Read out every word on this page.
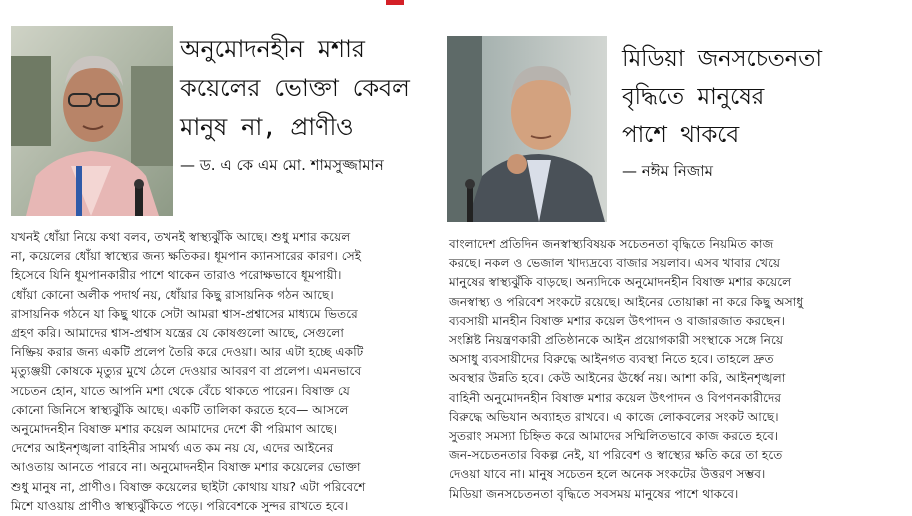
অনুমোদনহীন মশার
কয়েলের ভোক্তা কেবল
মানুষ না, প্রাণীও
— ড. এ কে এম মো. শামসুজ্জামান
যখনই ধোঁয়া নিয়ে কথা বলব, তখনই স্বাস্থ্যঝুঁকি আছে। শুধু মশার কয়েল
না, কয়েলের ধোঁয়া স্বাস্থ্যের জন্য ক্ষতিকর। ধূমপান ক্যানসারের কারণ। সেই
হিসেবে যিনি ধূমপানকারীর পাশে থাকেন তারাও পরোক্ষভাবে ধূমপায়ী।
ধোঁয়া কোনো অলীক পদার্থ নয়, ধোঁয়ার কিছু রাসায়নিক গঠন আছে।
রাসায়নিক গঠনে যা কিছু থাকে সেটা আমরা শ্বাস-প্রশ্বাসের মাধ্যমে ভিতরে
গ্রহণ করি। আমাদের শ্বাস-প্রশ্বাস যন্ত্রের যে কোষগুলো আছে, সেগুলো
নিষ্ক্রিয় করার জন্য একটি প্রলেপ তৈরি করে দেওয়া। আর এটা হচ্ছে একটি
মৃত্যুঞ্জয়ী কোষকে মৃত্যুর মুখে ঠেলে দেওয়ার আবরণ বা প্রলেপ। এমনভাবে
সচেতন হোন, যাতে আপনি মশা থেকে বেঁচে থাকতে পারেন। বিষাক্ত যে
কোনো জিনিসে স্বাস্থ্যঝুঁকি আছে। একটি তালিকা করতে হবে— আসলে
অনুমোদনহীন বিষাক্ত মশার কয়েল আমাদের দেশে কী পরিমাণ আছে।
দেশের আইনশৃঙ্খলা বাহিনীর সামর্থ্য এত কম নয় যে, এদের আইনের
আওতায় আনতে পারবে না। অনুমোদনহীন বিষাক্ত মশার কয়েলের ভোক্তা
শুধু মানুষ না, প্রাণীও। বিষাক্ত কয়েলের ছাইটা কোথায় যায়? এটা পরিবেশে
মিশে যাওয়ায় প্রাণীও স্বাস্থ্যঝুঁকিতে পড়ে। পরিবেশকে সুন্দর রাখতে হবে।
মিডিয়া জনসচেতনতা
বৃদ্ধিতে মানুষের
পাশে থাকবে
— নঈম নিজাম
বাংলাদেশ প্রতিদিন জনস্বাস্থ্যবিষয়ক সচেতনতা বৃদ্ধিতে নিয়মিত কাজ
করছে। নকল ও ভেজাল খাদ্যদ্রব্যে বাজার সয়লাব। এসব খাবার খেয়ে
মানুষের স্বাস্থ্যঝুঁকি বাড়ছে। অন্যদিকে অনুমোদনহীন বিষাক্ত মশার কয়েলে
জনস্বাস্থ্য ও পরিবেশ সংকটে রয়েছে। আইনের তোয়াক্কা না করে কিছু অসাধু
ব্যবসায়ী মানহীন বিষাক্ত মশার কয়েল উৎপাদন ও বাজারজাত করছেন।
সংশ্লিষ্ট নিয়ন্ত্রণকারী প্রতিষ্ঠানকে আইন প্রয়োগকারী সংস্থাকে সঙ্গে নিয়ে
অসাধু ব্যবসায়ীদের বিরুদ্ধে আইনগত ব্যবস্থা নিতে হবে। তাহলে দ্রুত
অবস্থার উন্নতি হবে। কেউ আইনের ঊর্ধ্বে নয়। আশা করি, আইনশৃঙ্খলা
বাহিনী অনুমোদনহীন বিষাক্ত মশার কয়েল উৎপাদন ও বিপণনকারীদের
বিরুদ্ধে অভিযান অব্যাহত রাখবে। এ কাজে লোকবলের সংকট আছে।
সুতরাং সমস্যা চিহ্নিত করে আমাদের সম্মিলিতভাবে কাজ করতে হবে।
জন-সচেতনতার বিকল্প নেই, যা পরিবেশ ও স্বাস্থ্যের ক্ষতি করে তা হতে
দেওয়া যাবে না। মানুষ সচেতন হলে অনেক সংকটের উত্তরণ সম্ভব।
মিডিয়া জনসচেতনতা বৃদ্ধিতে সবসময় মানুষের পাশে থাকবে।
